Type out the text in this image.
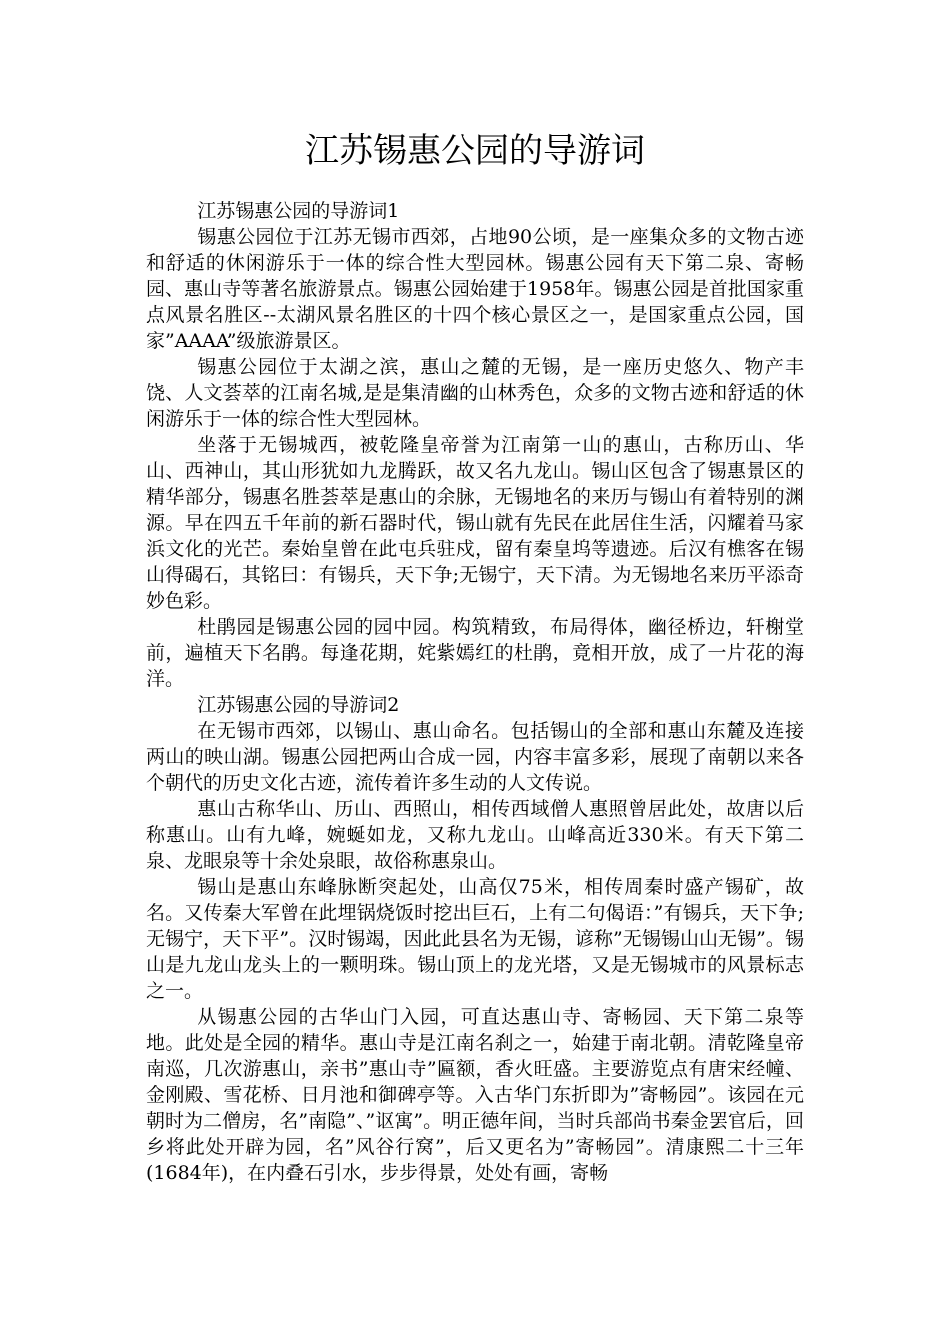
江苏锡惠公园的导游词

江苏锡惠公园的导游词1

锡惠公园位于江苏无锡市西郊，占地90公顷，是一座集众多的文物古迹和舒适的休闲游乐于一体的综合性大型园林。锡惠公园有天下第二泉、寄畅园、惠山寺等著名旅游景点。锡惠公园始建于1958年。锡惠公园是首批国家重点风景名胜区--太湖风景名胜区的十四个核心景区之一，是国家重点公园，国家”AAAA”级旅游景区。

锡惠公园位于太湖之滨，惠山之麓的无锡，是一座历史悠久、物产丰饶、人文荟萃的江南名城,是是集清幽的山林秀色，众多的文物古迹和舒适的休闲游乐于一体的综合性大型园林。

坐落于无锡城西，被乾隆皇帝誉为江南第一山的惠山，古称历山、华山、西神山，其山形犹如九龙腾跃，故又名九龙山。锡山区包含了锡惠景区的精华部分，锡惠名胜荟萃是惠山的余脉，无锡地名的来历与锡山有着特别的渊源。早在四五千年前的新石器时代，锡山就有先民在此居住生活，闪耀着马家浜文化的光芒。秦始皇曾在此屯兵驻戍，留有秦皇坞等遗迹。后汉有樵客在锡山得碣石，其铭曰：有锡兵，天下争;无锡宁，天下清。为无锡地名来历平添奇妙色彩。

杜鹃园是锡惠公园的园中园。构筑精致，布局得体，幽径桥边，轩榭堂前，遍植天下名鹃。每逢花期，姹紫嫣红的杜鹃，竟相开放，成了一片花的海洋。

江苏锡惠公园的导游词2

在无锡市西郊，以锡山、惠山命名。包括锡山的全部和惠山东麓及连接两山的映山湖。锡惠公园把两山合成一园，内容丰富多彩，展现了南朝以来各个朝代的历史文化古迹，流传着许多生动的人文传说。

惠山古称华山、历山、西照山，相传西域僧人惠照曾居此处，故唐以后称惠山。山有九峰，婉蜒如龙，又称九龙山。山峰高近330米。有天下第二泉、龙眼泉等十余处泉眼，故俗称惠泉山。

锡山是惠山东峰脉断突起处，山高仅75米，相传周秦时盛产锡矿，故名。又传秦大军曾在此埋锅烧饭时挖出巨石，上有二句偈语：”有锡兵，天下争;无锡宁，天下平”。汉时锡竭，因此此县名为无锡，谚称”无锡锡山山无锡”。锡山是九龙山龙头上的一颗明珠。锡山顶上的龙光塔，又是无锡城市的风景标志之一。

从锡惠公园的古华山门入园，可直达惠山寺、寄畅园、天下第二泉等地。此处是全园的精华。惠山寺是江南名刹之一，始建于南北朝。清乾隆皇帝南巡，几次游惠山，亲书”惠山寺”匾额，香火旺盛。主要游览点有唐宋经幢、金刚殿、雪花桥、日月池和御碑亭等。入古华门东折即为”寄畅园”。该园在元朝时为二僧房，名”南隐”、”讴寓”。明正德年间，当时兵部尚书秦金罢官后，回乡将此处开辟为园，名”风谷行窝”，后又更名为”寄畅园”。清康熙二十三年(1684年)，在内叠石引水，步步得景，处处有画，寄畅
